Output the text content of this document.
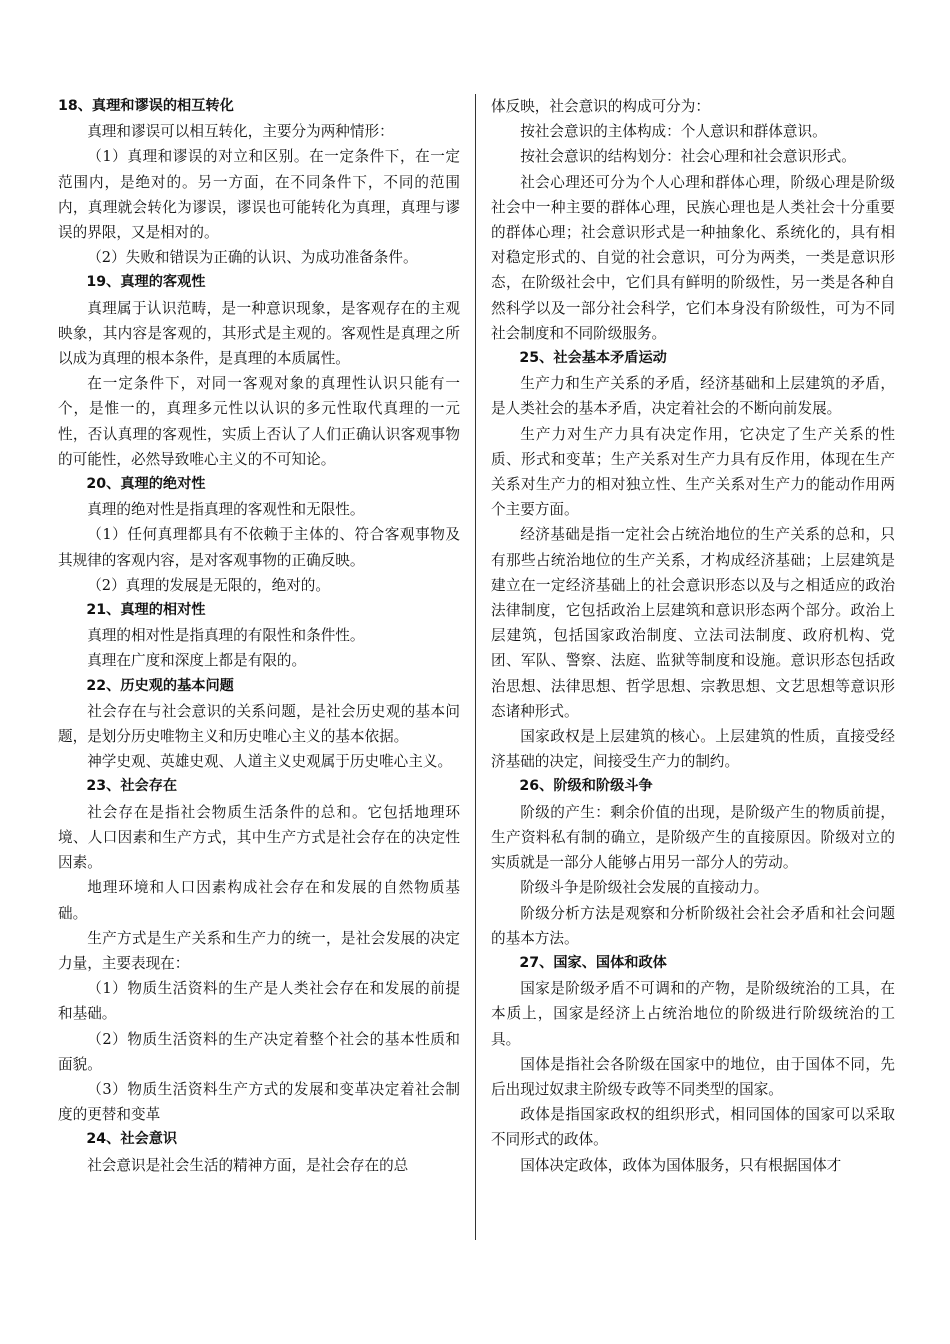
18、真理和谬误的相互转化

真理和谬误可以相互转化，主要分为两种情形：

（1）真理和谬误的对立和区别。在一定条件下，在一定范围内，是绝对的。另一方面，在不同条件下，不同的范围内，真理就会转化为谬误，谬误也可能转化为真理，真理与谬误的界限，又是相对的。

（2）失败和错误为正确的认识、为成功准备条件。

19、真理的客观性

真理属于认识范畴，是一种意识现象，是客观存在的主观映象，其内容是客观的，其形式是主观的。客观性是真理之所以成为真理的根本条件，是真理的本质属性。

在一定条件下，对同一客观对象的真理性认识只能有一个，是惟一的，真理多元性以认识的多元性取代真理的一元性，否认真理的客观性，实质上否认了人们正确认识客观事物的可能性，必然导致唯心主义的不可知论。

20、真理的绝对性

真理的绝对性是指真理的客观性和无限性。

（1）任何真理都具有不依赖于主体的、符合客观事物及其规律的客观内容，是对客观事物的正确反映。

（2）真理的发展是无限的，绝对的。

21、真理的相对性

真理的相对性是指真理的有限性和条件性。

真理在广度和深度上都是有限的。

22、历史观的基本问题

社会存在与社会意识的关系问题，是社会历史观的基本问题，是划分历史唯物主义和历史唯心主义的基本依据。

神学史观、英雄史观、人道主义史观属于历史唯心主义。

23、社会存在

社会存在是指社会物质生活条件的总和。它包括地理环境、人口因素和生产方式，其中生产方式是社会存在的决定性因素。

地理环境和人口因素构成社会存在和发展的自然物质基础。

生产方式是生产关系和生产力的统一，是社会发展的决定力量，主要表现在：

（1）物质生活资料的生产是人类社会存在和发展的前提和基础。

（2）物质生活资料的生产决定着整个社会的基本性质和面貌。

（3）物质生活资料生产方式的发展和变革决定着社会制度的更替和变革

24、社会意识

社会意识是社会生活的精神方面，是社会存在的总

体反映，社会意识的构成可分为：

按社会意识的主体构成：个人意识和群体意识。

按社会意识的结构划分：社会心理和社会意识形式。

社会心理还可分为个人心理和群体心理，阶级心理是阶级社会中一种主要的群体心理，民族心理也是人类社会十分重要的群体心理；社会意识形式是一种抽象化、系统化的，具有相对稳定形式的、自觉的社会意识，可分为两类，一类是意识形态，在阶级社会中，它们具有鲜明的阶级性，另一类是各种自然科学以及一部分社会科学，它们本身没有阶级性，可为不同社会制度和不同阶级服务。

25、社会基本矛盾运动

生产力和生产关系的矛盾，经济基础和上层建筑的矛盾，是人类社会的基本矛盾，决定着社会的不断向前发展。

生产力对生产力具有决定作用，它决定了生产关系的性质、形式和变革；生产关系对生产力具有反作用，体现在生产关系对生产力的相对独立性、生产关系对生产力的能动作用两个主要方面。

经济基础是指一定社会占统治地位的生产关系的总和，只有那些占统治地位的生产关系，才构成经济基础；上层建筑是建立在一定经济基础上的社会意识形态以及与之相适应的政治法律制度，它包括政治上层建筑和意识形态两个部分。政治上层建筑，包括国家政治制度、立法司法制度、政府机构、党团、军队、警察、法庭、监狱等制度和设施。意识形态包括政治思想、法律思想、哲学思想、宗教思想、文艺思想等意识形态诸种形式。

国家政权是上层建筑的核心。上层建筑的性质，直接受经济基础的决定，间接受生产力的制约。

26、阶级和阶级斗争

阶级的产生：剩余价值的出现，是阶级产生的物质前提，生产资料私有制的确立，是阶级产生的直接原因。阶级对立的实质就是一部分人能够占用另一部分人的劳动。

阶级斗争是阶级社会发展的直接动力。

阶级分析方法是观察和分析阶级社会社会矛盾和社会问题的基本方法。

27、国家、国体和政体

国家是阶级矛盾不可调和的产物，是阶级统治的工具，在本质上，国家是经济上占统治地位的阶级进行阶级统治的工具。

国体是指社会各阶级在国家中的地位，由于国体不同，先后出现过奴隶主阶级专政等不同类型的国家。

政体是指国家政权的组织形式，相同国体的国家可以采取不同形式的政体。

国体决定政体，政体为国体服务，只有根据国体才
